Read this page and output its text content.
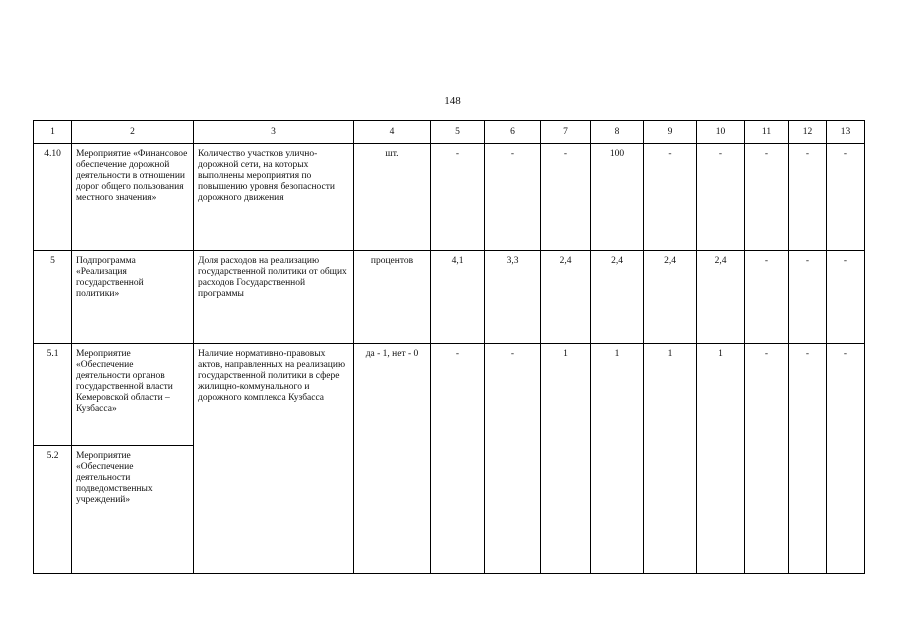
148
1	2	3	4	5	6	7	8	9	10	11	12	13
4.10	Мероприятие «Финансовое обеспечение дорожной деятельности в отношении дорог общего пользования местного значения»	Количество участков улично-дорожной сети, на которых выполнены мероприятия по повышению уровня безопасности дорожного движения	шт.	-	-	-	100	-	-	-	-	-
5	Подпрограмма «Реализация государственной политики»	Доля расходов на реализацию государственной политики от общих расходов Государственной программы	процентов	4,1	3,3	2,4	2,4	2,4	2,4	-	-	-
5.1	Мероприятие «Обеспечение деятельности органов государственной власти Кемеровской области – Кузбасса»	Наличие нормативно-правовых актов, направленных на реализацию государственной политики в сфере жилищно-коммунального и дорожного комплекса Кузбасса	да - 1, нет - 0	-	-	1	1	1	1	-	-	-
5.2	Мероприятие «Обеспечение деятельности подведомственных учреждений»											
